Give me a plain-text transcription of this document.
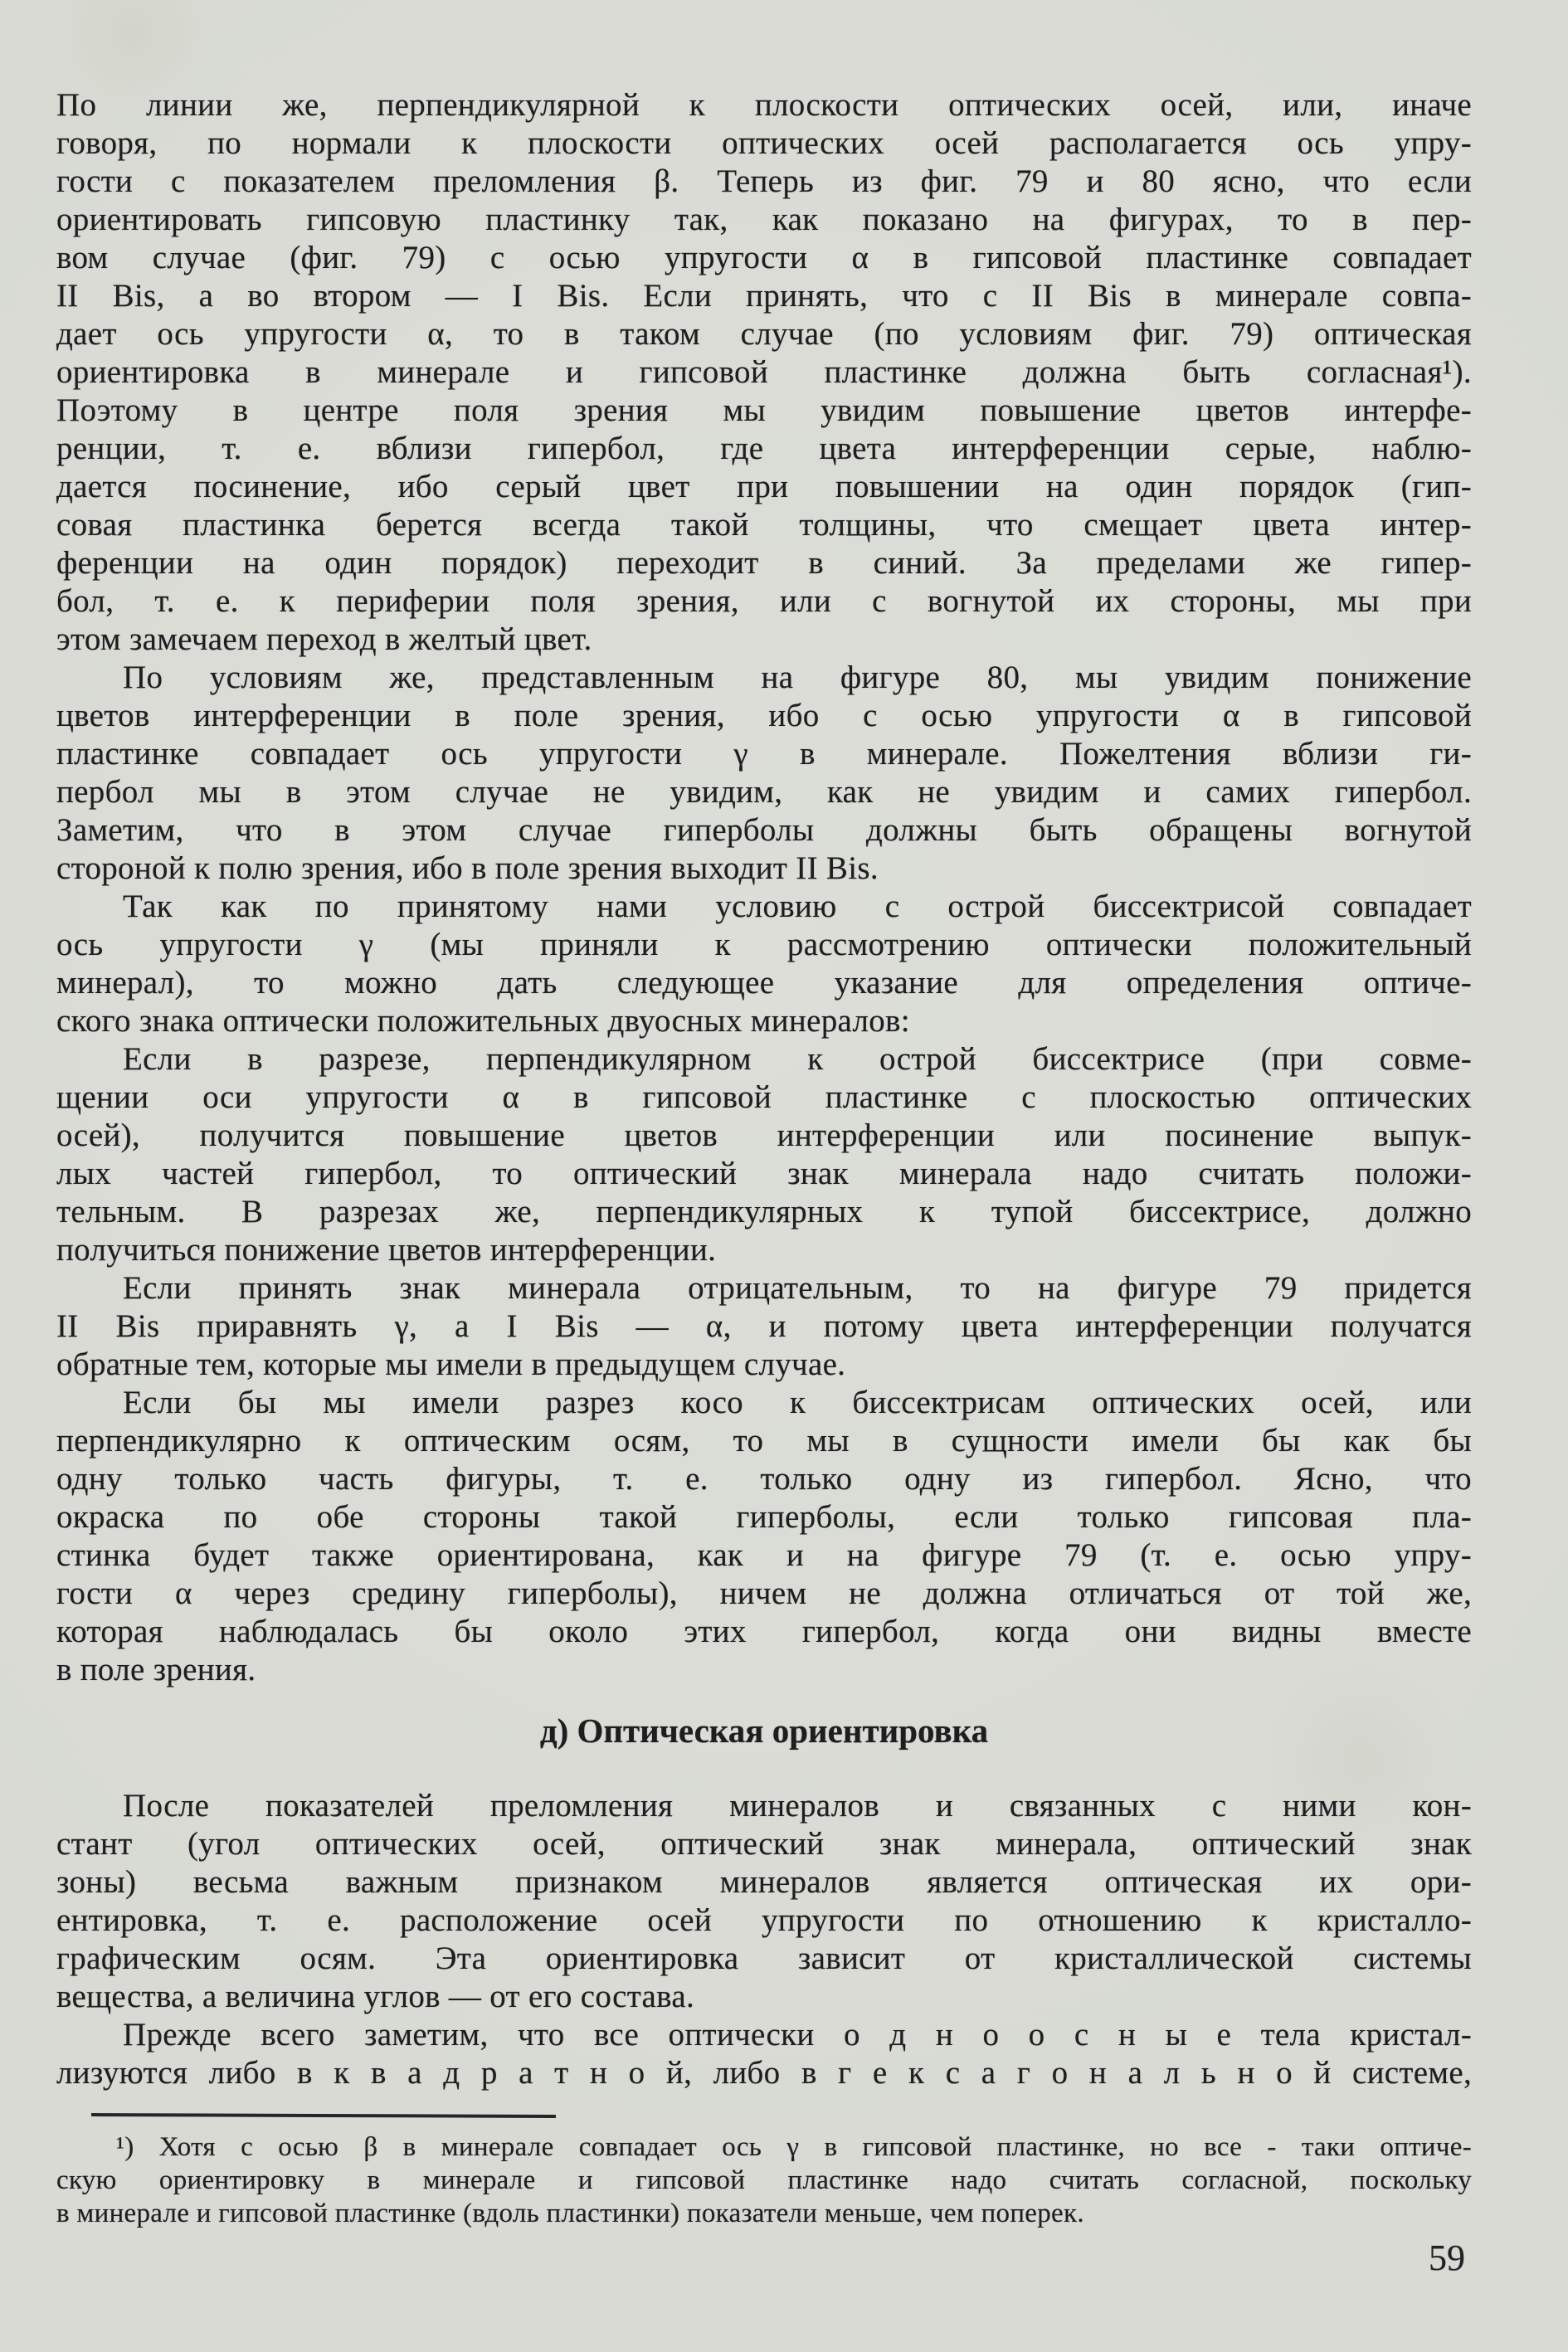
По линии же, перпендикулярной к плоскости оптических осей, или, иначе
говоря, по нормали к плоскости оптических осей располагается ось упру-
гости с показателем преломления β. Теперь из фиг. 79 и 80 ясно, что если
ориентировать гипсовую пластинку так, как показано на фигурах, то в пер-
вом случае (фиг. 79) с осью упругости α в гипсовой пластинке совпадает
II Bis, а во втором — I Bis. Если принять, что с II Bis в минерале совпа-
дает ось упругости α, то в таком случае (по условиям фиг. 79) оптическая
ориентировка в минерале и гипсовой пластинке должна быть согласная¹).
Поэтому в центре поля зрения мы увидим повышение цветов интерфе-
ренции, т. е. вблизи гипербол, где цвета интерференции серые, наблю-
дается посинение, ибо серый цвет при повышении на один порядок (гип-
совая пластинка берется всегда такой толщины, что смещает цвета интер-
ференции на один порядок) переходит в синий. За пределами же гипер-
бол, т. е. к периферии поля зрения, или с вогнутой их стороны, мы при
этом замечаем переход в желтый цвет.
По условиям же, представленным на фигуре 80, мы увидим понижение
цветов интерференции в поле зрения, ибо с осью упругости α в гипсовой
пластинке совпадает ось упругости γ в минерале. Пожелтения вблизи ги-
пербол мы в этом случае не увидим, как не увидим и самих гипербол.
Заметим, что в этом случае гиперболы должны быть обращены вогнутой
стороной к полю зрения, ибо в поле зрения выходит II Bis.
Так как по принятому нами условию с острой биссектрисой совпадает
ось упругости γ (мы приняли к рассмотрению оптически положительный
минерал), то можно дать следующее указание для определения оптиче-
ского знака оптически положительных двуосных минералов:
Если в разрезе, перпендикулярном к острой биссектрисе (при совме-
щении оси упругости α в гипсовой пластинке с плоскостью оптических
осей), получится повышение цветов интерференции или посинение выпук-
лых частей гипербол, то оптический знак минерала надо считать положи-
тельным. В разрезах же, перпендикулярных к тупой биссектрисе, должно
получиться понижение цветов интерференции.
Если принять знак минерала отрицательным, то на фигуре 79 придется
II Bis приравнять γ, а I Bis — α, и потому цвета интерференции получатся
обратные тем, которые мы имели в предыдущем случае.
Если бы мы имели разрез косо к биссектрисам оптических осей, или
перпендикулярно к оптическим осям, то мы в сущности имели бы как бы
одну только часть фигуры, т. е. только одну из гипербол. Ясно, что
окраска по обе стороны такой гиперболы, если только гипсовая пла-
стинка будет также ориентирована, как и на фигуре 79 (т. е. осью упру-
гости α через средину гиперболы), ничем не должна отличаться от той же,
которая наблюдалась бы около этих гипербол, когда они видны вместе
в поле зрения.
д) Оптическая ориентировка
После показателей преломления минералов и связанных с ними кон-
стант (угол оптических осей, оптический знак минерала, оптический знак
зоны) весьма важным признаком минералов является оптическая их ори-
ентировка, т. е. расположение осей упругости по отношению к кристалло-
графическим осям. Эта ориентировка зависит от кристаллической системы
вещества, а величина углов — от его состава.
Прежде всего заметим, что все оптически о д н о о с н ы е тела кристал-
лизуются либо в к в а д р а т н о й, либо в г е к с а г о н а л ь н о й системе,
¹) Хотя с осью β в минерале совпадает ось γ в гипсовой пластинке, но все - таки оптиче-
скую ориентировку в минерале и гипсовой пластинке надо считать согласной, поскольку
в минерале и гипсовой пластинке (вдоль пластинки) показатели меньше, чем поперек.
59
